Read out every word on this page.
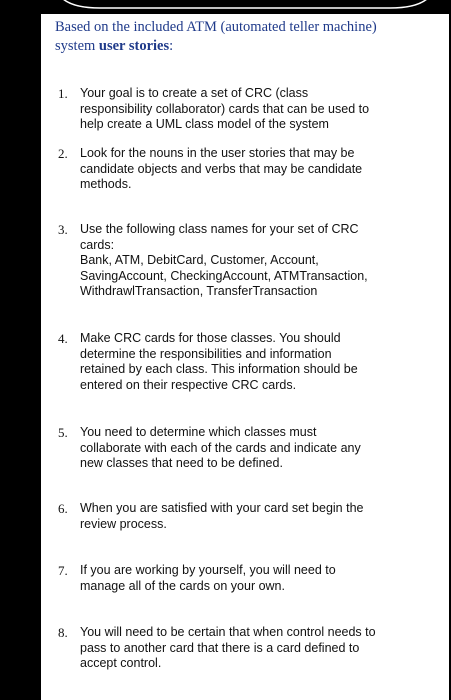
Based on the included ATM (automated teller machine)
system user stories:
1. Your goal is to create a set of CRC (class
responsibility collaborator) cards that can be used to
help create a UML class model of the system
2. Look for the nouns in the user stories that may be
candidate objects and verbs that may be candidate
methods.
3. Use the following class names for your set of CRC
cards:
Bank, ATM, DebitCard, Customer, Account,
SavingAccount, CheckingAccount, ATMTransaction,
WithdrawlTransaction, TransferTransaction
4. Make CRC cards for those classes. You should
determine the responsibilities and information
retained by each class. This information should be
entered on their respective CRC cards.
5. You need to determine which classes must
collaborate with each of the cards and indicate any
new classes that need to be defined.
6. When you are satisfied with your card set begin the
review process.
7. If you are working by yourself, you will need to
manage all of the cards on your own.
8. You will need to be certain that when control needs to
pass to another card that there is a card defined to
accept control.
